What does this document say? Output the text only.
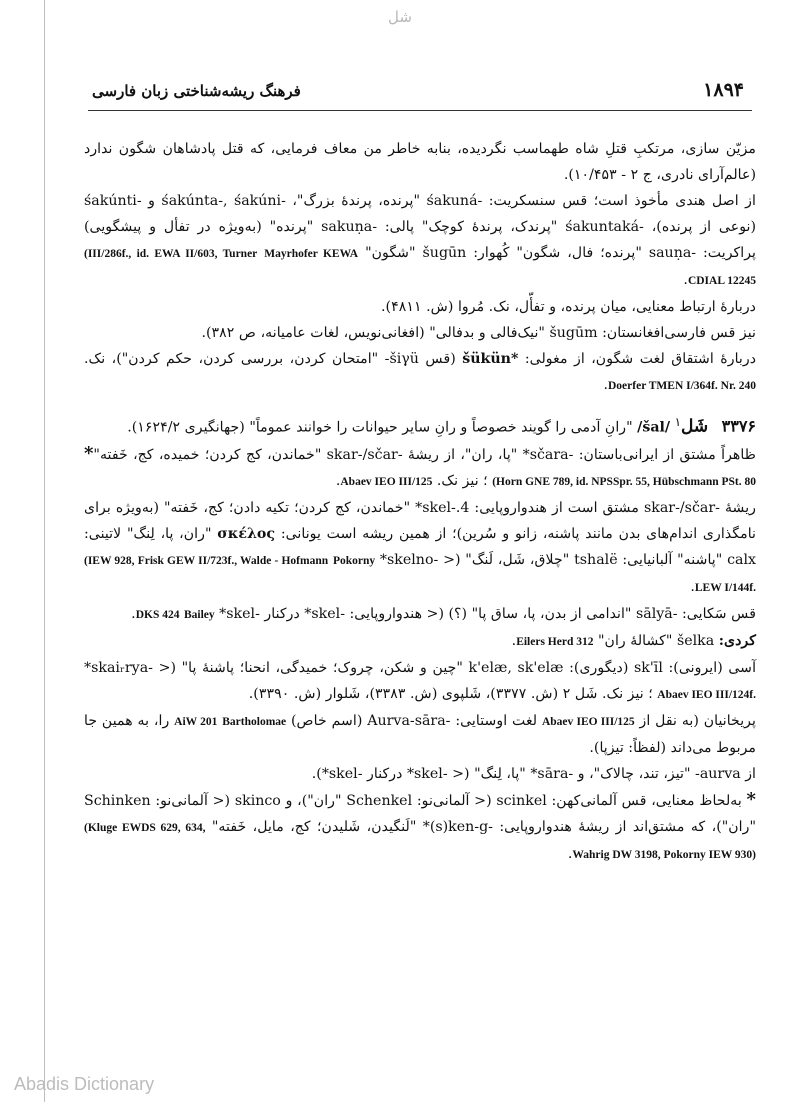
شل
۱۸۹۴
فرهنگ ریشه‌شناختی زبان فارسی

مزیّن سازی، مرتکبِ قتلِ شاه طهماسب نگردیده، بنابه خاطر من معاف فرمایی، که قتل پادشاهان شگون ندارد (عالم‌آرای نادری، ج ۲ - ۱۰/۴۵۳).

از اصل هندی مأخوذ است؛ قس سنسکریت: śakuná- "پرنده، پرندهٔ بزرگ"، śakúnta-, śakúni- و śakúnti- (نوعی از پرنده)، śakuntaká- "پرندک، پرندهٔ کوچک" پالی: sakuṇa- "پرنده" (به‌ویژه در تفأل و پیشگویی) پراکریت: sauṇa- "پرنده؛ فال، شگون" کُهوار: šugūn "شگون" Mayrhofer KEWA (III/286f., id. EWA II/603, Turner CDIAL 12245.

دربارهٔ ارتباط معنایی، میان پرنده، و تفأّل، نک. مُروا (ش. ۴۸۱۱).

نیز قس فارسی‌افغانستان: šugūm "نیک‌فالی و بدفالی" (افغانی‌نویس، لغات عامیانه، ص ۳۸۲).

دربارهٔ اشتقاق لغت شگون، از مغولی: šükün* (قس -šiγü "امتحان کردن، بررسی کردن، حکم کردن")، نک. Doerfer TMEN I/364f. Nr. 240.

۳۳۷۶   شَل$^۱$ /šal/ "رانِ آدمی را گویند خصوصاً و رانِ سایر حیوانات را خوانند عموماً" (جهانگیری ۱۶۲۴/۲).

ظاهراً مشتق از ایرانی‌باستان: *sčara- "پا، ران"، از ریشهٔ skar-/sčar- "خماندن، کج کردن؛ خمیده، کج، خَفته"* (Horn GNE 789, id. NPSSpr. 55, Hübschmann PSt. 80 ؛ نیز نک. Abaev IEO III/125.

ریشهٔ skar-/sčar- مشتق است از هندواروپایی: *skel-.4 "خماندن، کج کردن؛ تکیه دادن؛ کج، خَفته" (به‌ویژه برای نامگذاری اندام‌های بدن مانند پاشنه، زانو و سُرین)؛ از همین ریشه است یونانی: σκέλος "ران، پا، لِنگ" لاتینی: calx "پاشنه" آلبانیایی: tshalë "چلاق، شَل، لَنگ" (< *skelno- Pokorny (IEW 928, Frisk GEW II/723f., Walde - Hofmann LEW I/144f..

قس سَکایی: sālyā- "اندامی از بدن، پا، ساق پا" (؟) (< هندواروپایی: *skel- دركنار *skel- Bailey DKS 424.

کردی: šelka "کشالهٔ ران" Eilers Herd 312.

آسی (ایرونی): sk'īl (دیگوری): k'elæ, sk'elæ "چین و شکن، چروک؛ خمیدگی، انحنا؛ پاشنهٔ پا" (< *skaiᵣrya- Abaev IEO III/124f. ؛ نیز نک. شَل ۲ (ش. ۳۳۷۷)، شَلپوی (ش. ۳۳۸۳)، شَلوار (ش. ۳۳۹۰).

پریخانیان (به نقل از Abaev IEO III/125 لغت اوستایی: Aurva-sāra- (اسم خاص) Bartholomae AiW 201 را، به همین جا مربوط می‌داند (لفظاً: تیزپا).

از -aurva "تیز، تند، چالاک"، و *sāra- "پا، لِنگ" (< *skel- درکنار *skel-).

* به‌لحاظ معنایی، قس آلمانی‌کهن: scinkel (< آلمانی‌نو: Schenkel "ران")، و skinco (< آلمانی‌نو: Schinken "ران")، که مشتق‌اند از ریشهٔ هندواروپایی: *(s)ken-g- "لَنگیدن، شَلیدن؛ کج، مایل، خَفته" (Kluge EWDS 629, 634, Wahrig DW 3198, Pokorny IEW 930).

Abadis Dictionary
